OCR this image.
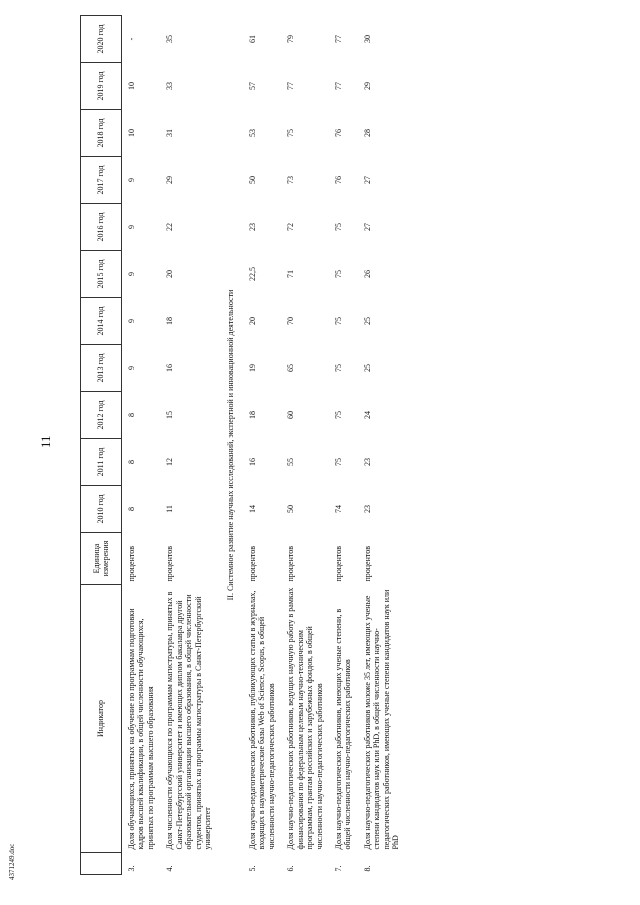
11
	Индикатор	Единица измерения	2010 год	2011 год	2012 год	2013 год	2014 год	2015 год	2016 год	2017 год	2018 год	2019 год	2020 год
3.	Доля обучающихся, принятых на обучение по программам подготовки кадров высшей квалификации, в общей численности обучающихся, принятых по программам высшего образования	процентов	8	8	8	9	9	9	9	9	10	10	-
4.	Доля численности обучающихся по программам магистратуры, принятых в Санкт-Петербургский университет и имеющих диплом бакалавра другой образовательной организации высшего образования, в общей численности студентов, принятых на программы магистратуры в Санкт-Петербургский университет	процентов	11	12	15	16	18	20	22	29	31	33	35
II. Системное развитие научных исследований, экспертной и инновационной деятельности													
5.	Доля научно-педагогических работников, публикующих статьи в журналах, входящих в наукометрические базы Web of Science, Scopus, в общей численности научно-педагогических работников	процентов	14	16	18	19	20	22,5	23	50	53	57	61
6.	Доля научно-педагогических работников, ведущих научную работу в рамках финансирования по федеральным целевым научно-техническим программам, грантам российских и зарубежных фондов, в общей численности научно-педагогических работников	процентов	50	55	60	65	70	71	72	73	75	77	79
7.	Доля научно-педагогических работников, имеющих ученые степени, в общей численности научно-педагогических работников	процентов	74	75	75	75	75	75	75	76	76	77	77
8.	Доля научно-педагогических работников моложе 35 лет, имеющих ученые степени кандидатов наук или PhD, в общей численности научно-педагогических работников, имеющих ученые степени кандидатов наук или PhD	процентов	23	23	24	25	25	26	27	27	28	29	30
4371249.doc
